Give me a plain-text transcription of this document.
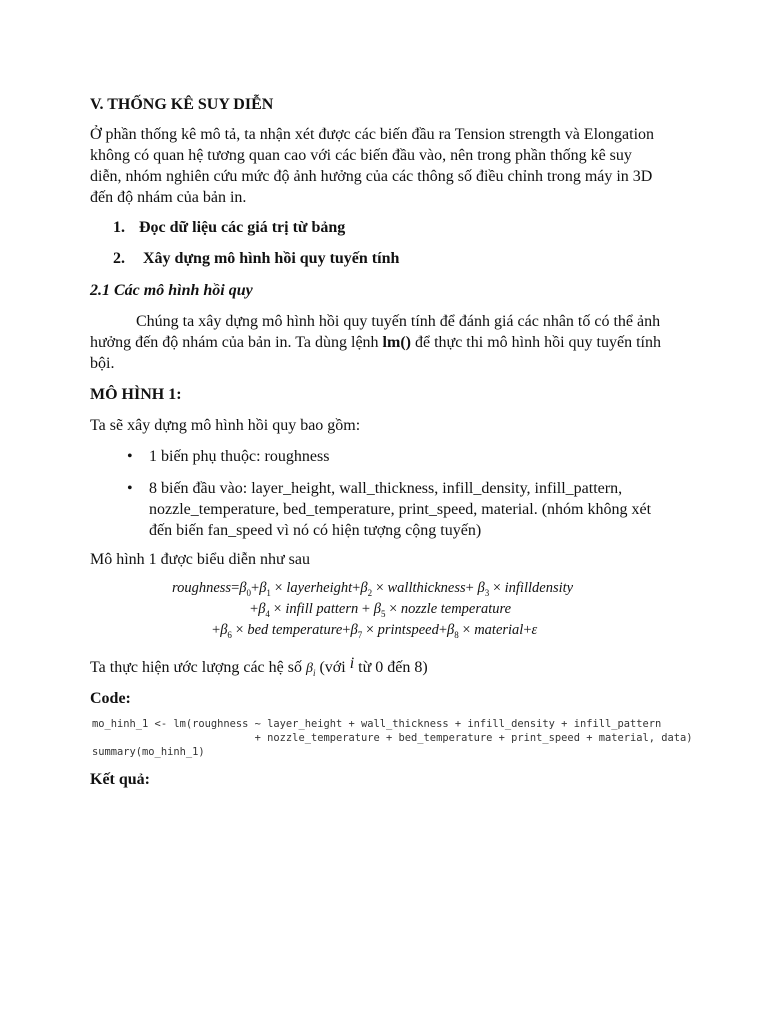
V. THỐNG KÊ SUY DIỄN
Ở phần thống kê mô tả, ta nhận xét được các biến đầu ra Tension strength và Elongation
không có quan hệ tương quan cao với các biến đầu vào, nên trong phần thống kê suy
diễn, nhóm nghiên cứu mức độ ảnh hưởng của các thông số điều chỉnh trong máy in 3D
đến độ nhám của bản in.
1. Đọc dữ liệu các giá trị từ bảng
2. Xây dựng mô hình hồi quy tuyến tính
2.1 Các mô hình hồi quy
Chúng ta xây dựng mô hình hồi quy tuyến tính để đánh giá các nhân tố có thể ảnh
hưởng đến độ nhám của bản in. Ta dùng lệnh lm() để thực thi mô hình hồi quy tuyến tính
bội.
MÔ HÌNH 1:
Ta sẽ xây dựng mô hình hồi quy bao gồm:
•	1 biến phụ thuộc: roughness
•	8 biến đầu vào: layer_height, wall_thickness, infill_density, infill_pattern,
nozzle_temperature, bed_temperature, print_speed, material. (nhóm không xét
đến biến fan_speed vì nó có hiện tượng cộng tuyến)
Mô hình 1 được biểu diễn như sau
$roughness=\beta_0+\beta_1$ × $layerheight+\beta_2$ × wallthickness+ $\beta_3$ × infilldensity
$+\beta_4$ × infill pattern + $\beta_5$ × nozzle temperature
$+\beta_6$ × bed $temperature+\beta_7$ × $printspeed+\beta_8$ × material+ε
Ta thực hiện ước lượng các hệ số $\beta_i$ (với i từ 0 đến 8)
Code:
mo_hinh_1 <- lm(roughness ~ layer_height + wall_thickness + infill_density + infill_pattern
+ nozzle_temperature + bed_temperature + print_speed + material, data)
summary(mo_hinh_1)
Kết quả:
